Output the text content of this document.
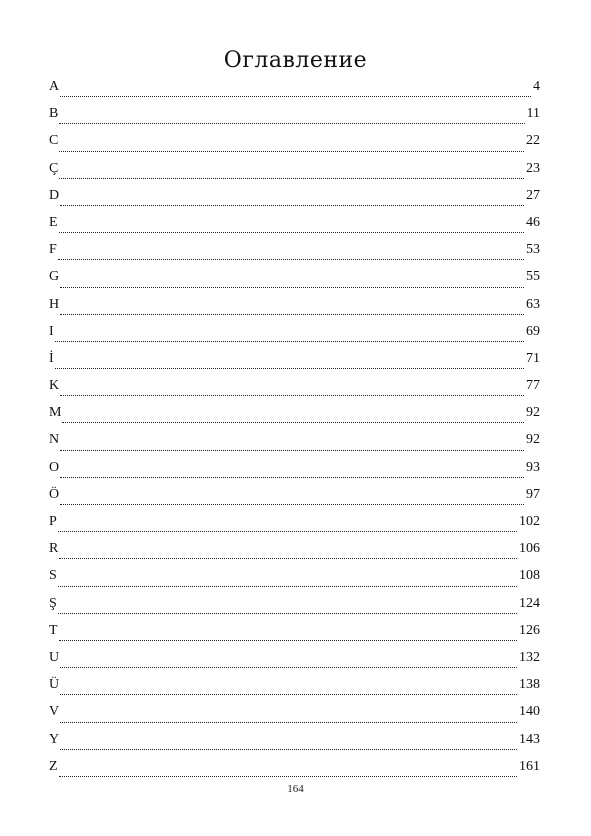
Оглавление
A	4
B	11
C	22
Ç	23
D	27
E	46
F	53
G	55
H	63
I	69
İ	71
K	77
M	92
N	92
O	93
Ö	97
P	102
R	106
S	108
Ş	124
T	126
U	132
Ü	138
V	140
Y	143
Z	161
164
